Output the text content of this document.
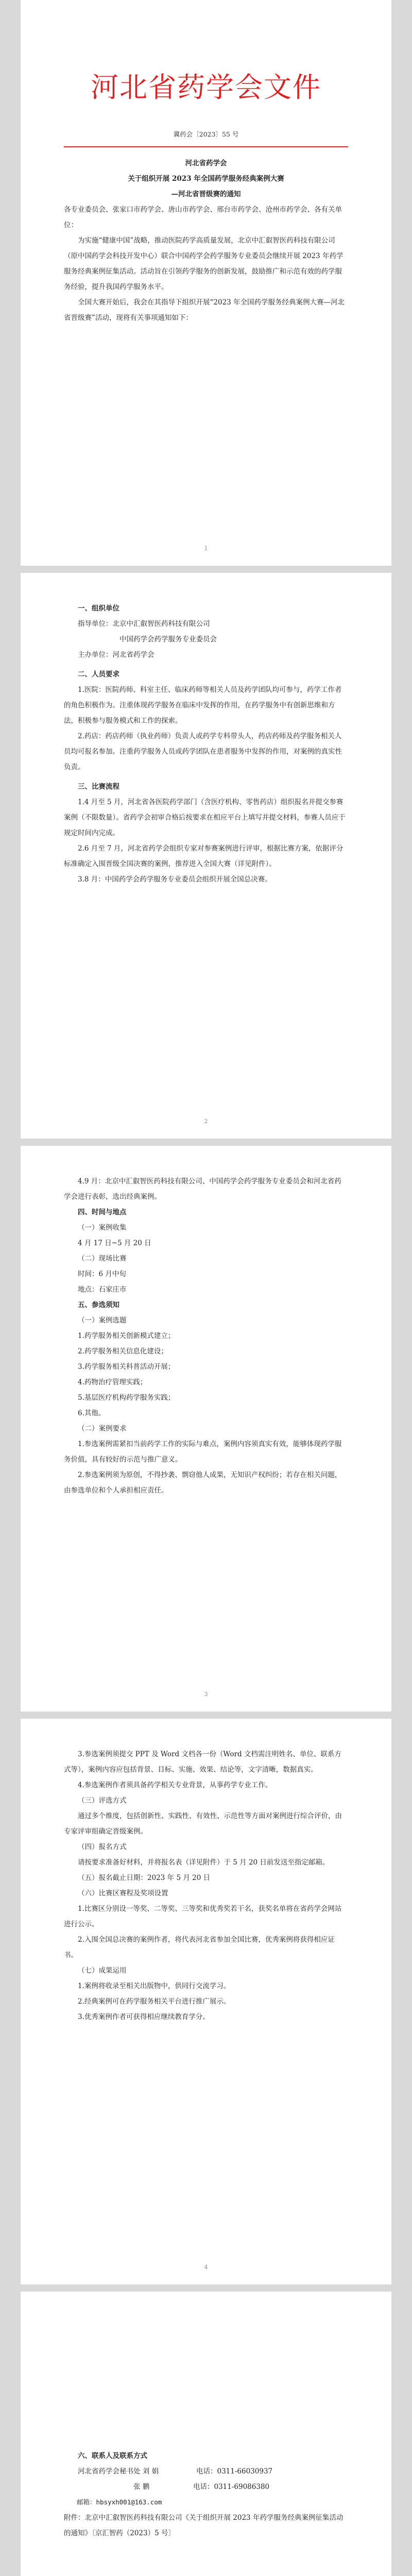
河北省药学会文件
冀药会〔2023〕55 号

河北省药学会

关于组织开展 2023 年全国药学服务经典案例大赛

—河北省晋级赛的通知

各专业委员会、张家口市药学会、唐山市药学会、邢台市药学会、沧州市药学会、各有关单位：

为实施“健康中国”战略，推动医院药学高质量发展，北京中汇叡智医药科技有限公司（原中国药学会科技开发中心）联合中国药学会药学服务专业委员会继续开展 2023 年药学服务经典案例征集活动。活动旨在引领药学服务的创新发展，鼓励推广和示范有效的药学服务经验，提升我国药学服务水平。

全国大赛开始后，我会在其指导下组织开展“2023 年全国药学服务经典案例大赛—河北省晋级赛”活动，现将有关事项通知如下：

1

一、组织单位

指导单位：北京中汇叡智医药科技有限公司

中国药学会药学服务专业委员会

主办单位：河北省药学会

二、人员要求

1.医院：医院药师、科室主任、临床药师等相关人员及药学团队均可参与，药学工作者的角色积极作为。注重体现药学服务在临床中发挥的作用，在药学服务中有创新思维和方法，积极参与服务模式和工作的探索。

2.药店：药店药师（执业药师）负责人或药学专科带头人，药店药师及药学服务相关人员均可报名参加。注重药学服务人员或药学团队在患者服务中发挥的作用，对案例的真实性负责。

三、比赛流程

1.4 月至 5 月，河北省各医院药学部门（含医疗机构、零售药店）组织报名并提交参赛案例（不限数量）。省药学会初审合格后按要求在相应平台上填写并提交材料，参赛人员应于规定时间内完成。

2.6 月至 7 月，河北省药学会组织专家对参赛案例进行评审，根据比赛方案，依据评分标准确定入围晋级全国决赛的案例，推荐进入全国大赛（详见附件）。

3.8 月：中国药学会药学服务专业委员会组织开展全国总决赛。

2

4.9 月：北京中汇叡智医药科技有限公司、中国药学会药学服务专业委员会和河北省药学会进行表彰，选出经典案例。

四、时间与地点

（一）案例收集

4 月 17 日~5 月 20 日

（二）现场比赛

时间：6 月中旬

地点：石家庄市

五、参选须知

（一）案例选题

1.药学服务相关创新模式建立；

2.药学服务相关信息化建设；

3.药学服务相关科普活动开展；

4.药物治疗管理实践；

5.基层医疗机构药学服务实践；

6.其他。

（二）案例要求

1.参选案例需紧扣当前药学工作的实际与难点，案例内容须真实有效，能够体现药学服务价值，具有较好的示范与推广意义。

2.参选案例须为原创，不得抄袭、剽窃他人成果，无知识产权纠纷；若存在相关问题，由参选单位和个人承担相应责任。

3

3.参选案例须提交 PPT 及 Word 文档各一份（Word 文档需注明姓名、单位、联系方式等），案例内容应包括背景、目标、实施、效果、结论等，文字清晰，数据真实。

4.参选案例作者须具备药学相关专业背景，从事药学专业工作。

（三）评选方式

通过多个维度，包括创新性、实践性、有效性、示范性等方面对案例进行综合评价，由专家评审组确定晋级案例。

（四）报名方式

请按要求准备好材料，并将报名表（详见附件）于 5 月 20 日前发送至指定邮箱。

（五）报名截止日期：2023 年 5 月 20 日

（六）比赛区赛程及奖项设置

1.比赛区分别设一等奖、二等奖、三等奖和优秀奖若干名，获奖名单将在省药学会网站进行公示。

2.入围全国总决赛的案例作者，将代表河北省参加全国比赛，优秀案例将获得相应证书。

（七）成果运用

1.案例将收录至相关出版物中，供同行交流学习。

2.经典案例可在药学服务相关平台进行推广展示。

3.优秀案例作者可获得相应继续教育学分。

4

六、联系人及联系方式

河北省药学会秘书处 刘 娟	电话：0311-66030937
张 鹏	电话：0311-69086380

邮箱：hbsyxh001@163.com

附件：北京中汇叡智医药科技有限公司《关于组织开展 2023 年药学服务经典案例征集活动的通知》〔京汇智药（2023）5 号〕
